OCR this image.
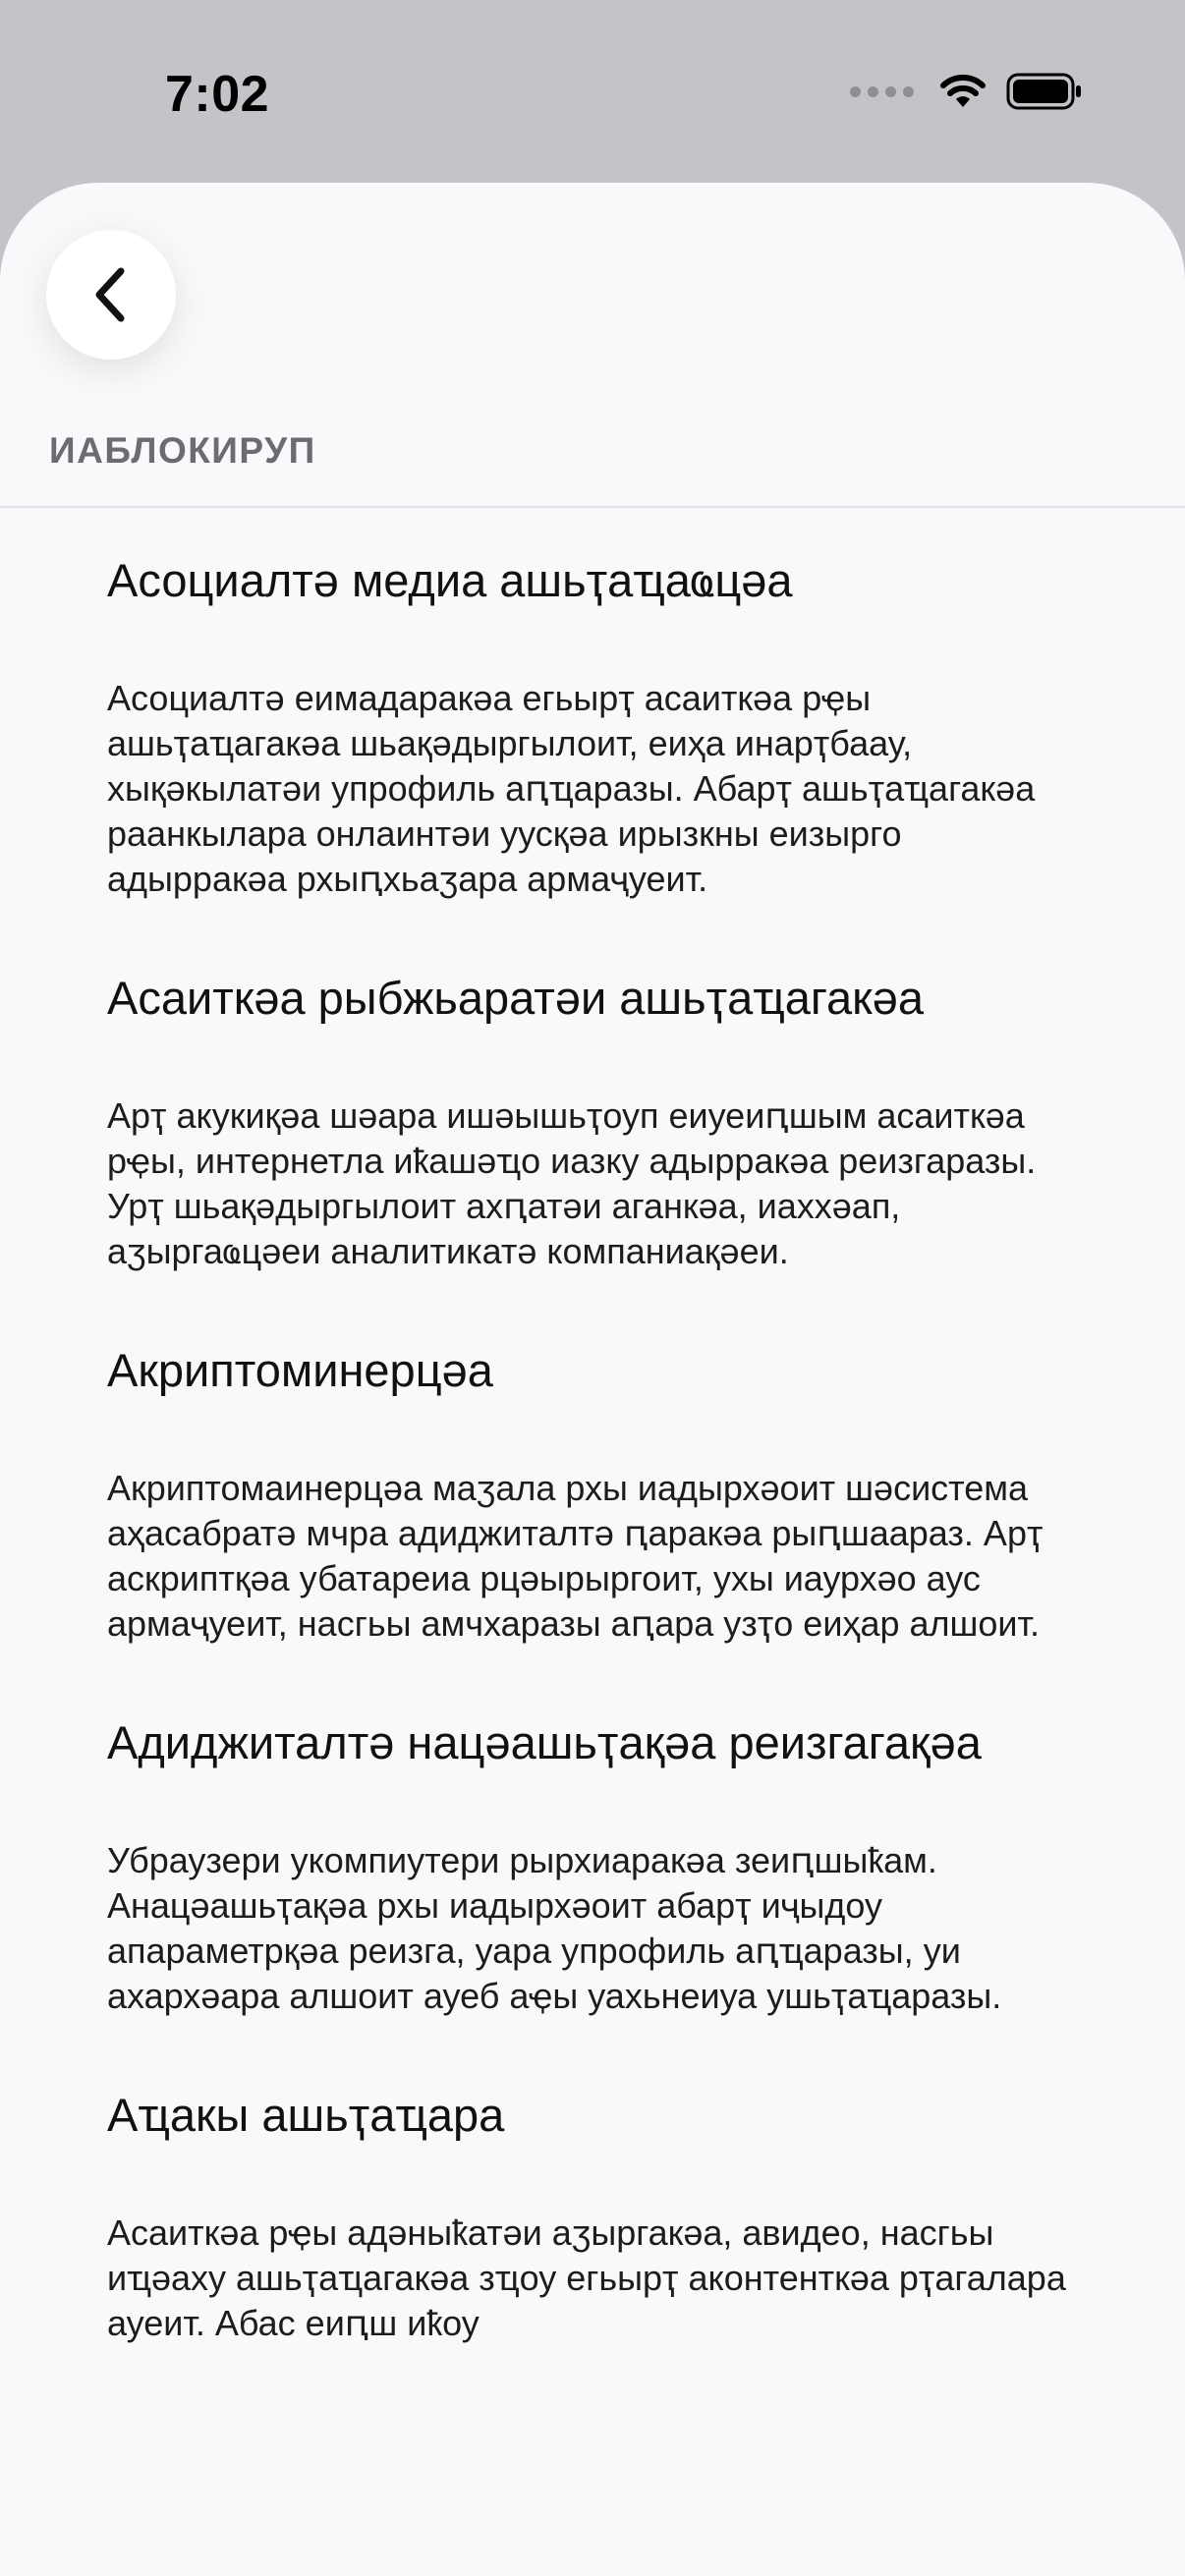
7:02
ИАБЛОКИРУП
Асоциалтә медиа ашьҭаҵаҩцәа

Асоциалтә еимадаракәа егьырҭ асаиткәа рҿы ашьҭаҵагакәа шьақәдыргылоит, еиҳа инарҭбаау, хықәкылатәи упрофиль аԥҵаразы. Абарҭ ашьҭаҵагакәа раанкылара онлаинтәи уусқәа ирызкны еизырго адырракәа рхыԥхьаӡара армаҷуеит.

Асаиткәа рыбжьаратәи ашьҭаҵагакәа

Арҭ акукиқәа шәара ишәышьҭоуп еиуеиԥшым асаиткәа рҿы, интернетла иҟашәҵо иазку адырракәа реизгаразы. Урҭ шьақәдыргылоит ахԥатәи аганкәа, иаххәап, аӡыргаҩцәеи аналитикатә компаниақәеи.

Акриптоминерцәа

Акриптомаинерцәа маӡала рхы иадырхәоит шәсистема аҳасабратә мчра адиджиталтә ԥаракәа рыԥшаараз. Арҭ аскриптқәа убатареиа рцәырыргоит, ухы иаурхәо аус армаҷуеит, насгьы амчхаразы аԥара узҭо еиҳар алшоит.

Адиджиталтә нацәашьҭақәа реизгагақәа

Убраузери укомпиутери рырхиаракәа зеиԥшыҟам. Анацәашьҭақәа рхы иадырхәоит абарҭ иҷыдоу апараметрқәа реизга, уара упрофиль аԥҵаразы, уи ахархәара алшоит ауеб аҿы уахьнеиуа ушьҭаҵаразы.

Аҵакы ашьҭаҵара

Асаиткәа рҿы адәныҟатәи аӡыргакәа, авидео, насгьы иҵәаху ашьҭаҵагакәа зҵоу егьырҭ аконтенткәа рҭагалара ауеит. Абас еиԥш иҟоу
